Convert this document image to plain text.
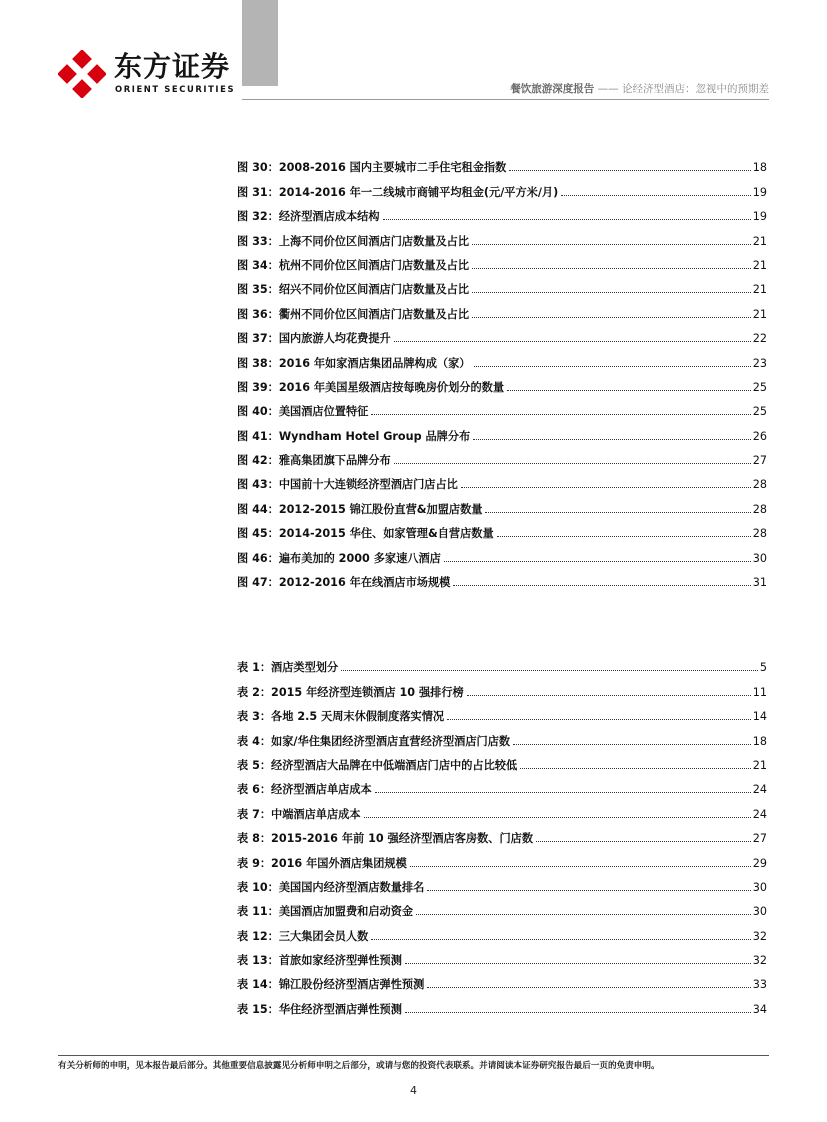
东方证券
ORIENT SECURITIES	餐饮旅游深度报告 —— 论经济型酒店：忽视中的预期差
图 30：2008-2016 国内主要城市二手住宅租金指数	18
图 31：2014-2016 年一二线城市商铺平均租金(元/平方米/月)	19
图 32：经济型酒店成本结构	19
图 33：上海不同价位区间酒店门店数量及占比	21
图 34：杭州不同价位区间酒店门店数量及占比	21
图 35：绍兴不同价位区间酒店门店数量及占比	21
图 36：衢州不同价位区间酒店门店数量及占比	21
图 37：国内旅游人均花费提升	22
图 38：2016 年如家酒店集团品牌构成（家）	23
图 39：2016 年美国星级酒店按每晚房价划分的数量	25
图 40：美国酒店位置特征	25
图 41：Wyndham Hotel Group 品牌分布	26
图 42：雅高集团旗下品牌分布	27
图 43：中国前十大连锁经济型酒店门店占比	28
图 44：2012-2015 锦江股份直营&加盟店数量	28
图 45：2014-2015 华住、如家管理&自营店数量	28
图 46：遍布美加的 2000 多家速八酒店	30
图 47：2012-2016 年在线酒店市场规模	31
表 1：酒店类型划分	5
表 2：2015 年经济型连锁酒店 10 强排行榜	11
表 3：各地 2.5 天周末休假制度落实情况	14
表 4：如家/华住集团经济型酒店直营经济型酒店门店数	18
表 5：经济型酒店大品牌在中低端酒店门店中的占比较低	21
表 6：经济型酒店单店成本	24
表 7：中端酒店单店成本	24
表 8：2015-2016 年前 10 强经济型酒店客房数、门店数	27
表 9：2016 年国外酒店集团规模	29
表 10：美国国内经济型酒店数量排名	30
表 11：美国酒店加盟费和启动资金	30
表 12：三大集团会员人数	32
表 13：首旅如家经济型弹性预测	32
表 14：锦江股份经济型酒店弹性预测	33
表 15：华住经济型酒店弹性预测	34
有关分析师的申明，见本报告最后部分。其他重要信息披露见分析师申明之后部分，或请与您的投资代表联系。并请阅读本证券研究报告最后一页的免责申明。
4
